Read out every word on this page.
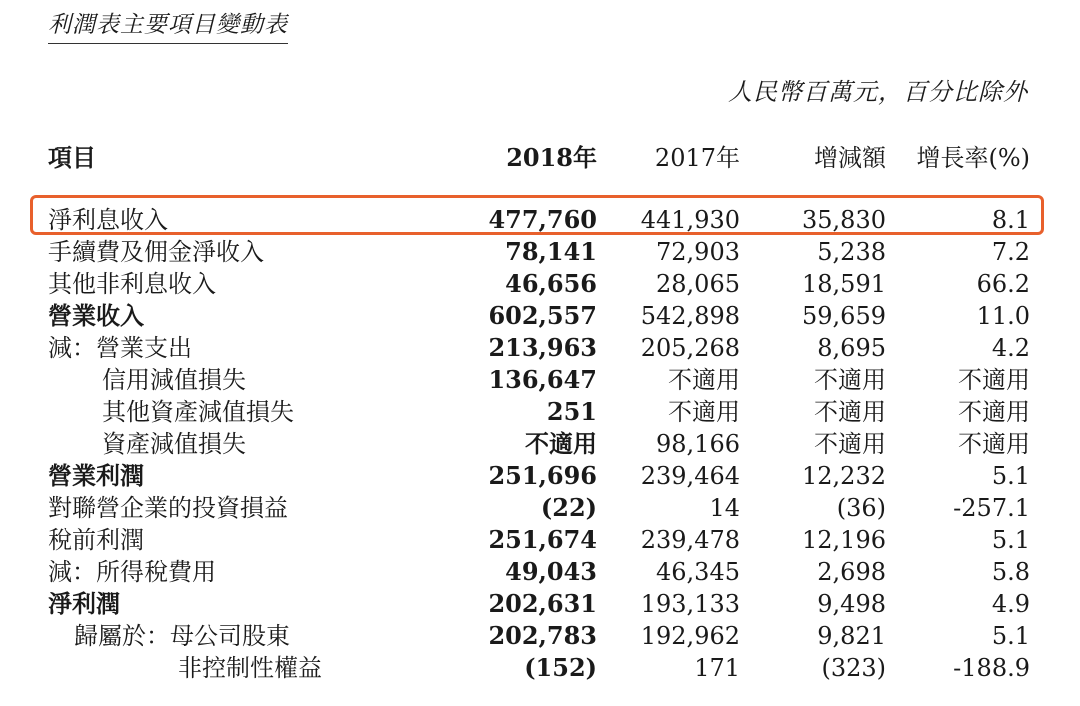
利潤表主要項目變動表
人民幣百萬元，百分比除外
項目	2018年 2017年	增減額 增長率(%)
淨利息收入	477,760 441,930	35,830	8.1
手續費及佣金淨收入	78,141 72,903	5,238	7.2
其他非利息收入	46,656 28,065	18,591	66.2
營業收入	602,557 542,898	59,659	11.0
減：營業支出	213,963 205,268	8,695	4.2
信用減值損失	136,647	不適用	不適用	不適用
其他資產減值損失	251	不適用	不適用	不適用
資產減值損失	不適用 98,166	不適用	不適用
營業利潤	251,696 239,464	12,232	5.1
對聯營企業的投資損益	(22)	14	(36)	-257.1
稅前利潤	251,674 239,478	12,196	5.1
減：所得稅費用	49,043 46,345	2,698	5.8
淨利潤	202,631 193,133	9,498	4.9
歸屬於：母公司股東	202,783 192,962	9,821	5.1
非控制性權益	(152)	171	(323)	-188.9
